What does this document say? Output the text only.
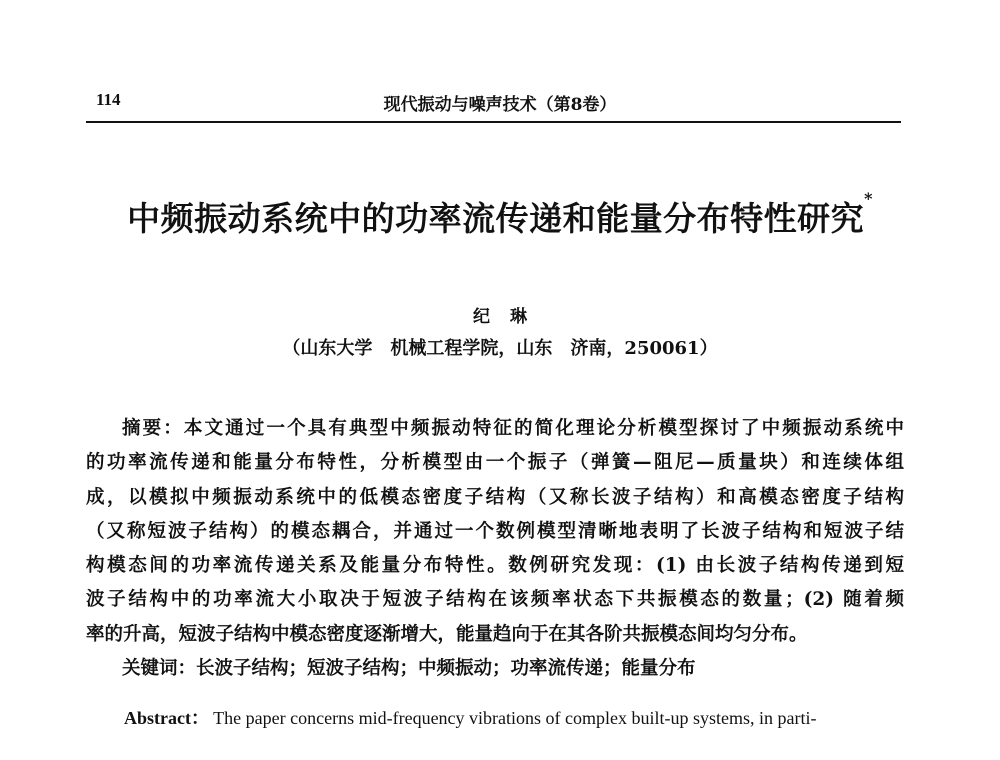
114	现代振动与噪声技术（第8卷）
中频振动系统中的功率流传递和能量分布特性研究*
纪 琳
（山东大学　机械工程学院，山东　济南，250061）
摘要：本文通过一个具有典型中频振动特征的简化理论分析模型探讨了中频振动系统中
的功率流传递和能量分布特性，分析模型由一个振子（弹簧—阻尼—质量块）和连续体组
成，以模拟中频振动系统中的低模态密度子结构（又称长波子结构）和高模态密度子结构
（又称短波子结构）的模态耦合，并通过一个数例模型清晰地表明了长波子结构和短波子结
构模态间的功率流传递关系及能量分布特性。数例研究发现：(1) 由长波子结构传递到短
波子结构中的功率流大小取决于短波子结构在该频率状态下共振模态的数量；(2) 随着频
率的升高，短波子结构中模态密度逐渐增大，能量趋向于在其各阶共振模态间均匀分布。
关键词：长波子结构；短波子结构；中频振动；功率流传递；能量分布
Abstract： The paper concerns mid-frequency vibrations of complex built-up systems, in parti-
